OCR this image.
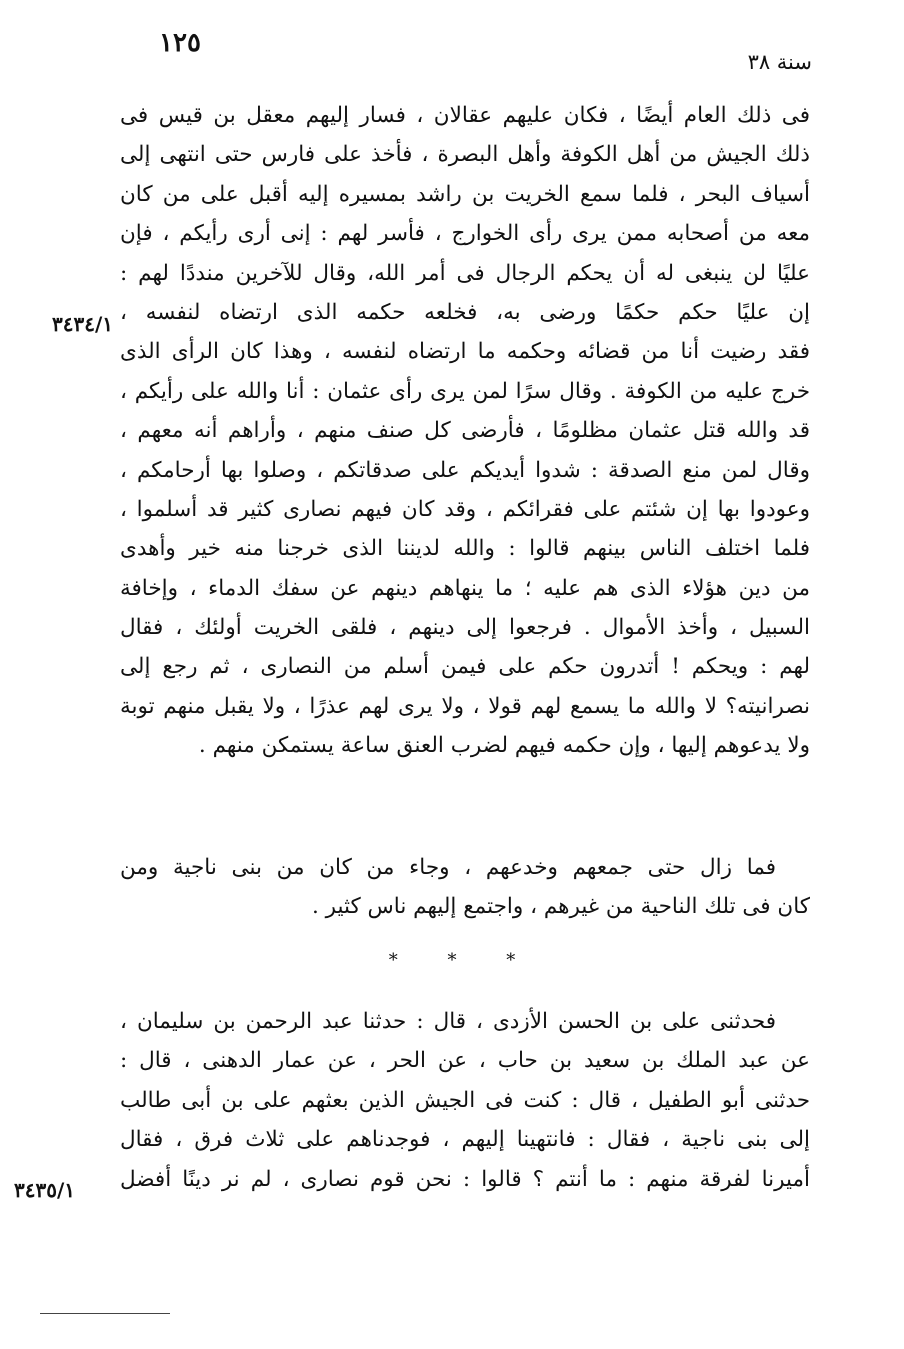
١٢٥
سنة ٣٨
فى ذلك العام أيضًا ، فكان عليهم عقالان ، فسار إليهم معقل بن قيس فى
ذلك الجيش من أهل الكوفة وأهل البصرة ، فأخذ على فارس حتى انتهى إلى
أسياف البحر ، فلما سمع الخريت بن راشد بمسيره إليه أقبل على من كان
معه من أصحابه ممن يرى رأى الخوارج ، فأسر لهم : إنى أرى رأيكم ، فإن
عليًا لن ينبغى له أن يحكم الرجال فى أمر الله، وقال للآخرين منددًا لهم :
إن عليًا حكم حكمًا ورضى به، فخلعه حكمه الذى ارتضاه لنفسه ،
فقد رضيت أنا من قضائه وحكمه ما ارتضاه لنفسه ، وهذا كان الرأى الذى
خرج عليه من الكوفة . وقال سرًا لمن يرى رأى عثمان : أنا والله على رأيكم ،
قد والله قتل عثمان مظلومًا ، فأرضى كل صنف منهم ، وأراهم أنه معهم ،
وقال لمن منع الصدقة : شدوا أيديكم على صدقاتكم ، وصلوا بها أرحامكم ،
وعودوا بها إن شئتم على فقرائكم ، وقد كان فيهم نصارى كثير قد أسلموا ،
فلما اختلف الناس بينهم قالوا : والله لديننا الذى خرجنا منه خير وأهدى
من دين هؤلاء الذى هم عليه ؛ ما ينهاهم دينهم عن سفك الدماء ، وإخافة
السبيل ، وأخذ الأموال . فرجعوا إلى دينهم ، فلقى الخريت أولئك ، فقال
لهم : ويحكم ! أتدرون حكم على فيمن أسلم من النصارى ، ثم رجع إلى
نصرانيته؟ لا والله ما يسمع لهم قولا ، ولا يرى لهم عذرًا ، ولا يقبل منهم توبة
ولا يدعوهم إليها ، وإن حكمه فيهم لضرب العنق ساعة يستمكن منهم .
٣٤٣٤/١
فما زال حتى جمعهم وخدعهم ، وجاء من كان من بنى ناجية ومن
كان فى تلك الناحية من غيرهم ، واجتمع إليهم ناس كثير .
* * *
فحدثنى على بن الحسن الأزدى ، قال : حدثنا عبد الرحمن بن سليمان ،
عن عبد الملك بن سعيد بن حاب ، عن الحر ، عن عمار الدهنى ، قال :
حدثنى أبو الطفيل ، قال : كنت فى الجيش الذين بعثهم على بن أبى طالب
إلى بنى ناجية ، فقال : فانتهينا إليهم ، فوجدناهم على ثلاث فرق ، فقال
أميرنا لفرقة منهم : ما أنتم ؟ قالوا : نحن قوم نصارى ، لم نر دينًا أفضل
٣٤٣٥/١
